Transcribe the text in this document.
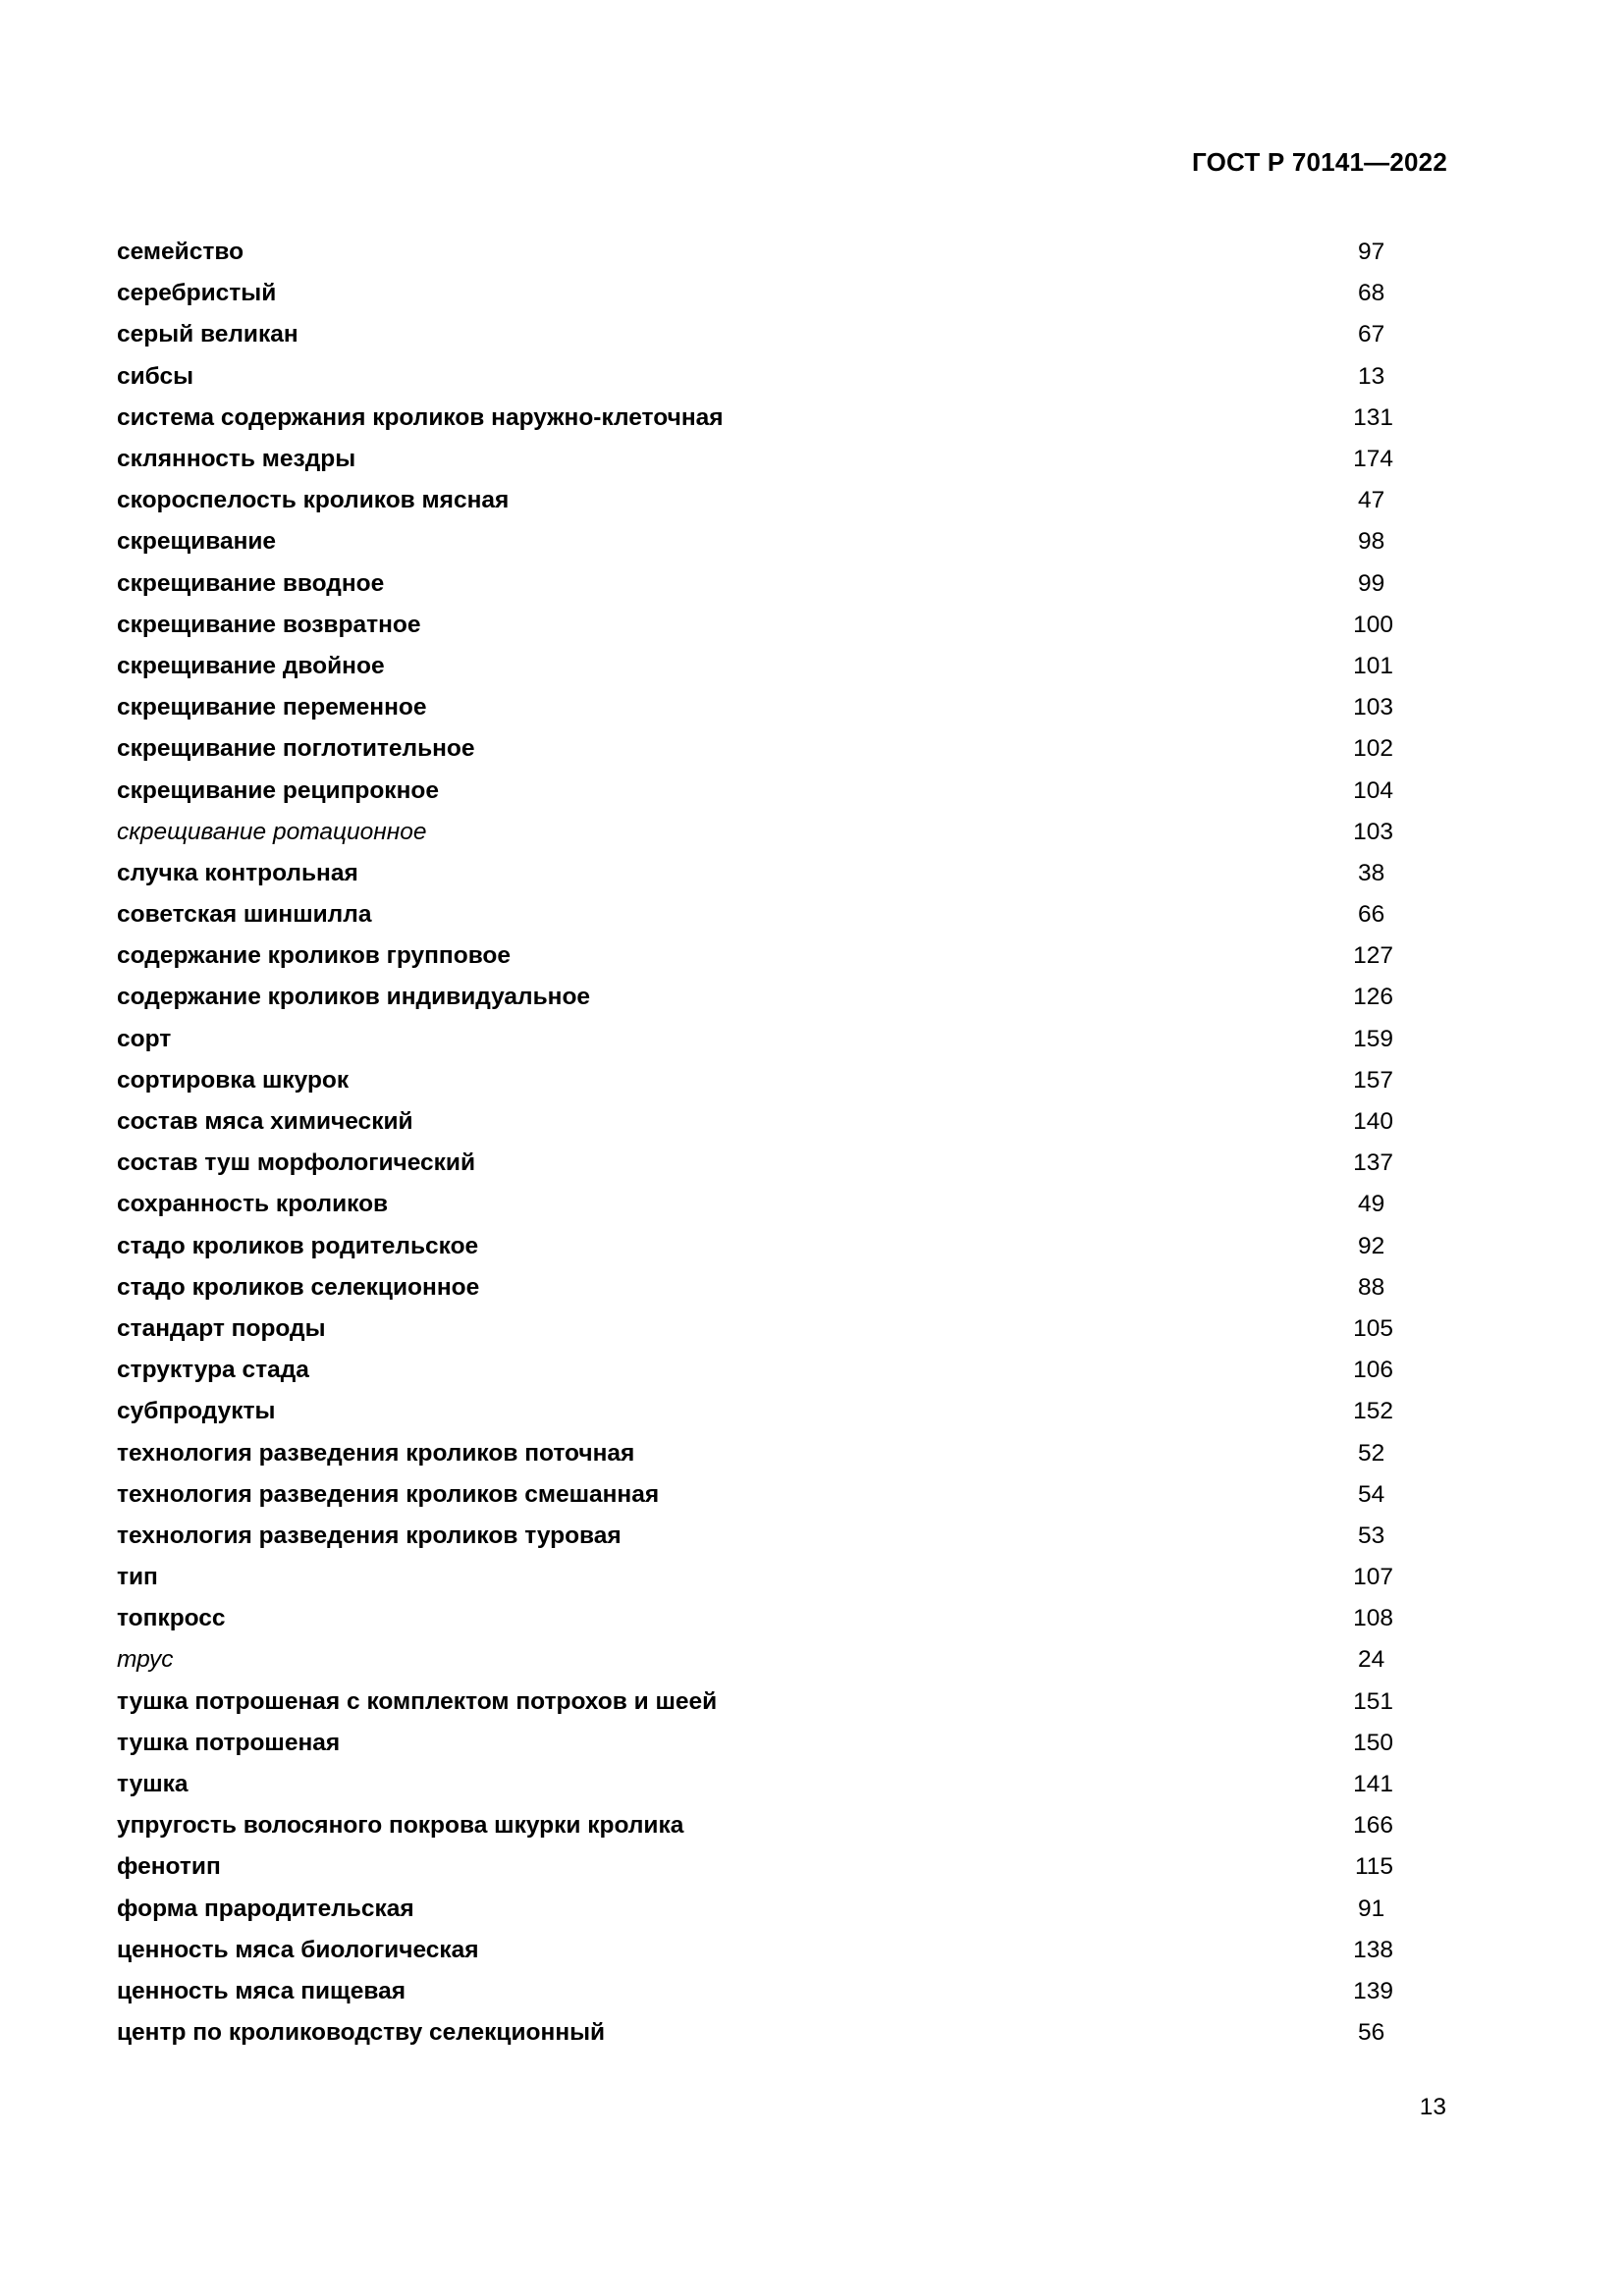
ГОСТ Р 70141—2022
семейство	97
серебристый	68
серый великан	67
сибсы	13
система содержания кроликов наружно-клеточная	131
склянность мездры	174
скороспелость кроликов мясная	47
скрещивание	98
скрещивание вводное	99
скрещивание возвратное	100
скрещивание двойное	101
скрещивание переменное	103
скрещивание поглотительное	102
скрещивание реципрокное	104
скрещивание ротационное	103
случка контрольная	38
советская шиншилла	66
содержание кроликов групповое	127
содержание кроликов индивидуальное	126
сорт	159
сортировка шкурок	157
состав мяса химический	140
состав туш морфологический	137
сохранность кроликов	49
стадо кроликов родительское	92
стадо кроликов селекционное	88
стандарт породы	105
структура стада	106
субпродукты	152
технология разведения кроликов поточная	52
технология разведения кроликов смешанная	54
технология разведения кроликов туровая	53
тип	107
топкросс	108
трус	24
тушка потрошеная с комплектом потрохов и шеей	151
тушка потрошеная	150
тушка	141
упругость волосяного покрова шкурки кролика	166
фенотип	115
форма прародительская	91
ценность мяса биологическая	138
ценность мяса пищевая	139
центр по кролиководству селекционный	56
13
